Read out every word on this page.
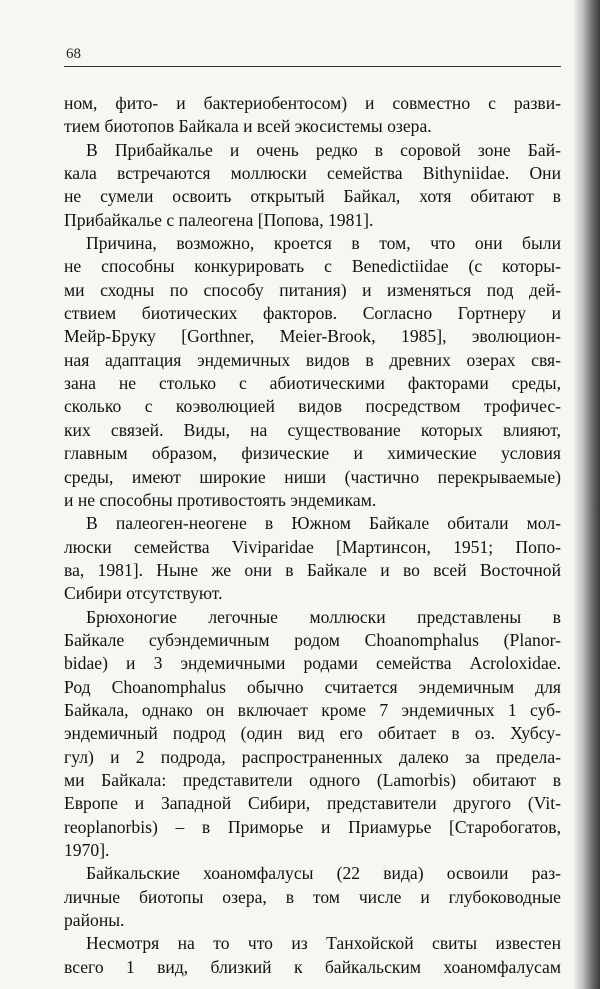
68
ном, фито- и бактериобентосом) и совместно с разви-
тием биотопов Байкала и всей экосистемы озера.
В Прибайкалье и очень редко в соровой зоне Бай-
кала встречаются моллюски семейства Bithyniidae. Они
не сумели освоить открытый Байкал, хотя обитают в
Прибайкалье с палеогена [Попова, 1981].
Причина, возможно, кроется в том, что они были
не способны конкурировать с Benedictiidae (с которы-
ми сходны по способу питания) и изменяться под дей-
ствием биотических факторов. Согласно Гортнеру и
Мейр-Бруку [Gorthner, Meier-Brook, 1985], эволюцион-
ная адаптация эндемичных видов в древних озерах свя-
зана не столько с абиотическими факторами среды,
сколько с коэволюцией видов посредством трофичес-
ких связей. Виды, на существование которых влияют,
главным образом, физические и химические условия
среды, имеют широкие ниши (частично перекрываемые)
и не способны противостоять эндемикам.
В палеоген-неогене в Южном Байкале обитали мол-
люски семейства Viviparidae [Мартинсон, 1951; Попо-
ва, 1981]. Ныне же они в Байкале и во всей Восточной
Сибири отсутствуют.
Брюхоногие легочные моллюски представлены в
Байкале субэндемичным родом Choanomphalus (Planor-
bidae) и 3 эндемичными родами семейства Acroloxidae.
Род Choanomphalus обычно считается эндемичным для
Байкала, однако он включает кроме 7 эндемичных 1 суб-
эндемичный подрод (один вид его обитает в оз. Хубсу-
гул) и 2 подрода, распространенных далеко за предела-
ми Байкала: представители одного (Lamorbis) обитают в
Европе и Западной Сибири, представители другого (Vit-
reoplanorbis) – в Приморье и Приамурье [Старобогатов,
1970].
Байкальские хоаномфалусы (22 вида) освоили раз-
личные биотопы озера, в том числе и глубоководные
районы.
Несмотря на то что из Танхойской свиты известен
всего 1 вид, близкий к байкальским хоаномфалусам
